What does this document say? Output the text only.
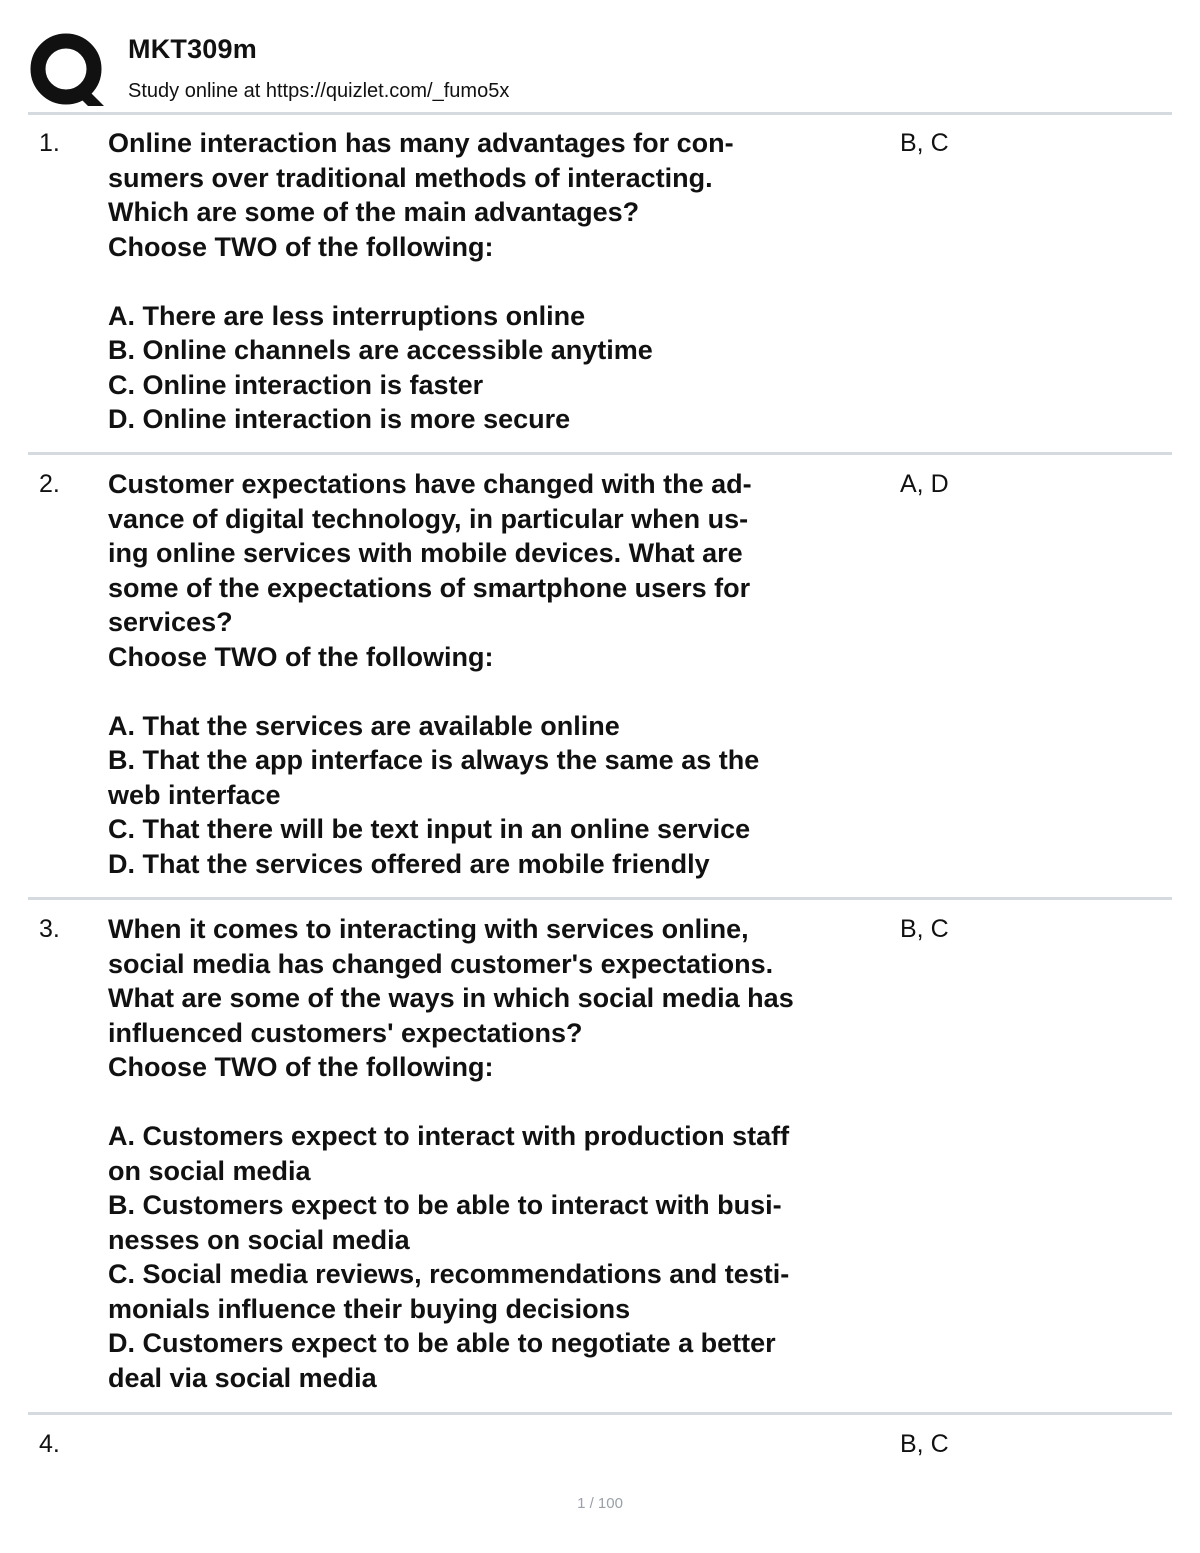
MKT309m
Study online at https://quizlet.com/_fumo5x
1. Online interaction has many advantages for con-
sumers over traditional methods of interacting.
Which are some of the main advantages?
Choose TWO of the following:
A. There are less interruptions online
B. Online channels are accessible anytime
C. Online interaction is faster
D. Online interaction is more secure
B, C
2. Customer expectations have changed with the ad-
vance of digital technology, in particular when us-
ing online services with mobile devices. What are
some of the expectations of smartphone users for
services?
Choose TWO of the following:
A. That the services are available online
B. That the app interface is always the same as the
web interface
C. That there will be text input in an online service
D. That the services offered are mobile friendly
A, D
3. When it comes to interacting with services online,
social media has changed customer's expectations.
What are some of the ways in which social media has
influenced customers' expectations?
Choose TWO of the following:
A. Customers expect to interact with production staff
on social media
B. Customers expect to be able to interact with busi-
nesses on social media
C. Social media reviews, recommendations and testi-
monials influence their buying decisions
D. Customers expect to be able to negotiate a better
deal via social media
B, C
4.	B, C
1 / 100
